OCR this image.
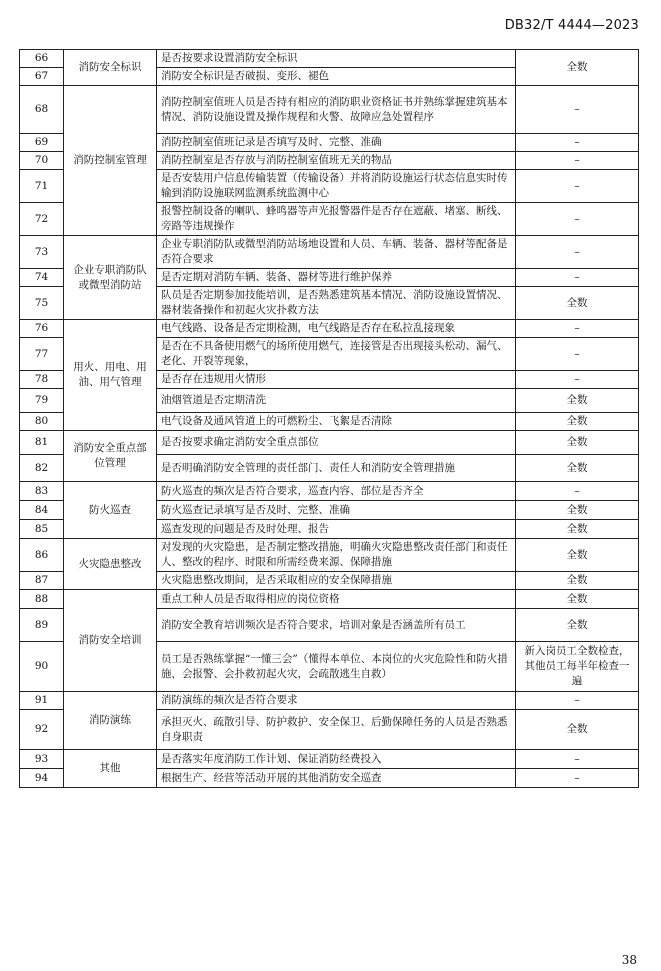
DB32/T 4444—2023
66	消防安全标识	是否按要求设置消防安全标识	全数
67		消防安全标识是否破损、变形、褪色	
68	消防控制室管理	消防控制室值班人员是否持有相应的消防职业资格证书并熟练掌握建筑基本情况、消防设施设置及操作规程和火警、故障应急处置程序	–
69		消防控制室值班记录是否填写及时、完整、准确	–
70		消防控制室是否存放与消防控制室值班无关的物品	–
71		是否安装用户信息传输装置（传输设备）并将消防设施运行状态信息实时传输到消防设施联网监测系统监测中心	–
72		报警控制设备的喇叭、蜂鸣器等声光报警器件是否存在遮蔽、堵塞、断线、旁路等违规操作	–
73	企业专职消防队或微型消防站	企业专职消防队或微型消防站场地设置和人员、车辆、装备、器材等配备是否符合要求	–
74		是否定期对消防车辆、装备、器材等进行维护保养	–
75		队员是否定期参加技能培训，是否熟悉建筑基本情况、消防设施设置情况、器材装备操作和初起火灾扑救方法	全数
76	用火、用电、用油、用气管理	电气线路、设备是否定期检测，电气线路是否存在私拉乱接现象	–
77		是否在不具备使用燃气的场所使用燃气，连接管是否出现接头松动、漏气、老化、开裂等现象，	–
78		是否存在违规用火情形	–
79		油烟管道是否定期清洗	全数
80		电气设备及通风管道上的可燃粉尘、飞絮是否清除	全数
81	消防安全重点部位管理	是否按要求确定消防安全重点部位	全数
82		是否明确消防安全管理的责任部门、责任人和消防安全管理措施	全数
83	防火巡查	防火巡查的频次是否符合要求，巡查内容、部位是否齐全	–
84		防火巡查记录填写是否及时、完整、准确	全数
85		巡查发现的问题是否及时处理、报告	全数
86	火灾隐患整改	对发现的火灾隐患，是否制定整改措施，明确火灾隐患整改责任部门和责任人、整改的程序、时限和所需经费来源、保障措施	全数
87		火灾隐患整改期间，是否采取相应的安全保障措施	全数
88	消防安全培训	重点工种人员是否取得相应的岗位资格	全数
89		消防安全教育培训频次是否符合要求，培训对象是否涵盖所有员工	全数
90		员工是否熟练掌握“一懂三会”（懂得本单位、本岗位的火灾危险性和防火措施，会报警、会扑救初起火灾，会疏散逃生自救）	新入岗员工全数检查，其他员工每半年检查一遍
91	消防演练	消防演练的频次是否符合要求	–
92		承担灭火、疏散引导、防护救护、安全保卫、后勤保障任务的人员是否熟悉自身职责	全数
93	其他	是否落实年度消防工作计划、保证消防经费投入	–
94		根据生产、经营等活动开展的其他消防安全巡查	–
38
